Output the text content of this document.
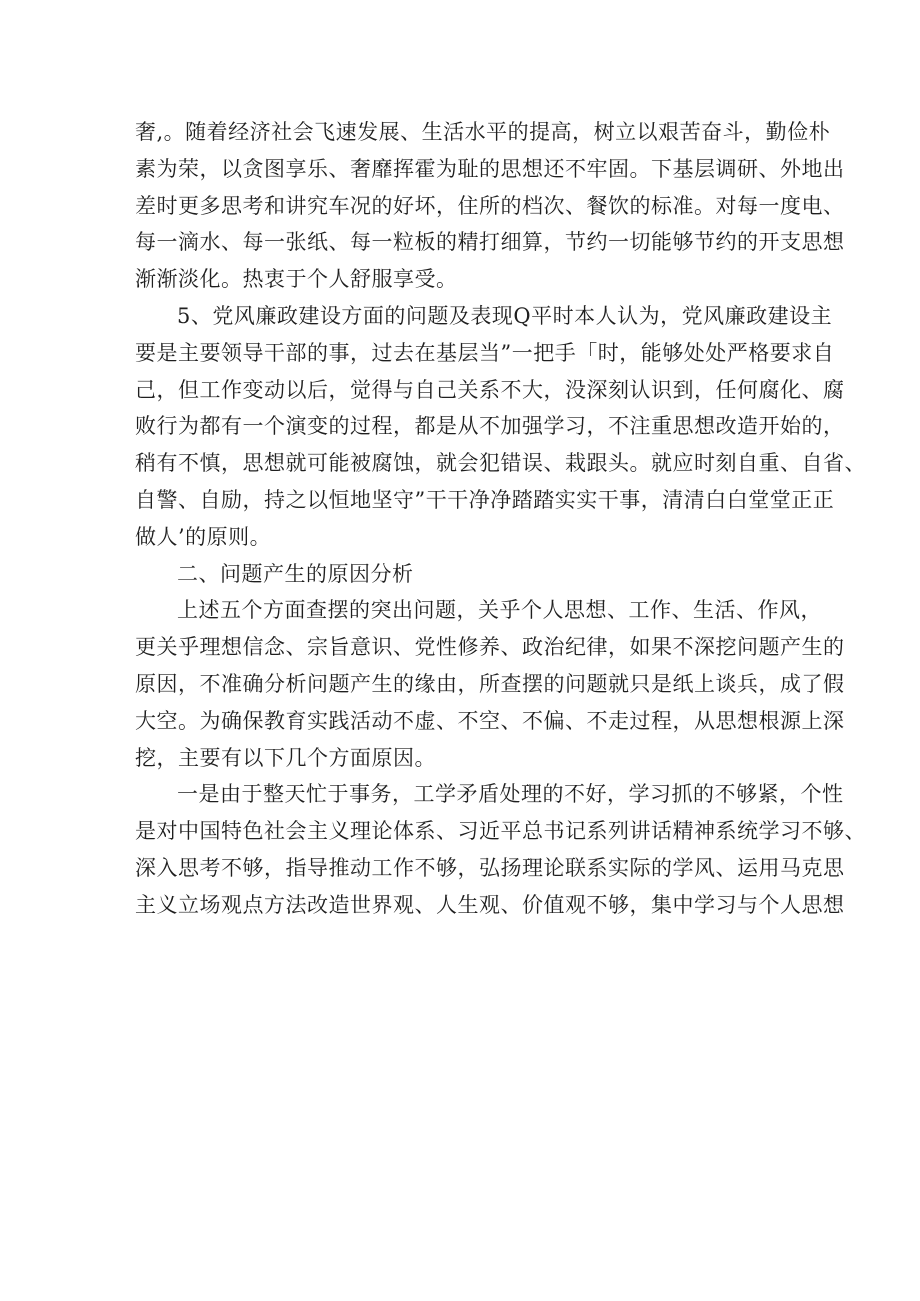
奢,。随着经济社会飞速发展、生活水平的提高，树立以艰苦奋斗，勤俭朴
素为荣，以贪图享乐、奢靡挥霍为耻的思想还不牢固。下基层调研、外地出
差时更多思考和讲究车况的好坏，住所的档次、餐饮的标准。对每一度电、
每一滴水、每一张纸、每一粒板的精打细算，节约一切能够节约的开支思想
渐渐淡化。热衷于个人舒服享受。
5、党风廉政建设方面的问题及表现Q平时本人认为，党风廉政建设主
要是主要领导干部的事，过去在基层当”一把手「时，能够处处严格要求自
己，但工作变动以后，觉得与自己关系不大，没深刻认识到，任何腐化、腐
败行为都有一个演变的过程，都是从不加强学习，不注重思想改造开始的，
稍有不慎，思想就可能被腐蚀，就会犯错误、栽跟头。就应时刻自重、自省、
自警、自励，持之以恒地坚守”干干净净踏踏实实干事，清清白白堂堂正正
做人’的原则。
二、问题产生的原因分析
上述五个方面查摆的突出问题，关乎个人思想、工作、生活、作风，
更关乎理想信念、宗旨意识、党性修养、政治纪律，如果不深挖问题产生的
原因，不准确分析问题产生的缘由，所查摆的问题就只是纸上谈兵，成了假
大空。为确保教育实践活动不虚、不空、不偏、不走过程，从思想根源上深
挖，主要有以下几个方面原因。
一是由于整天忙于事务，工学矛盾处理的不好，学习抓的不够紧，个性
是对中国特色社会主义理论体系、习近平总书记系列讲话精神系统学习不够、
深入思考不够，指导推动工作不够，弘扬理论联系实际的学风、运用马克思
主义立场观点方法改造世界观、人生观、价值观不够，集中学习与个人思想
